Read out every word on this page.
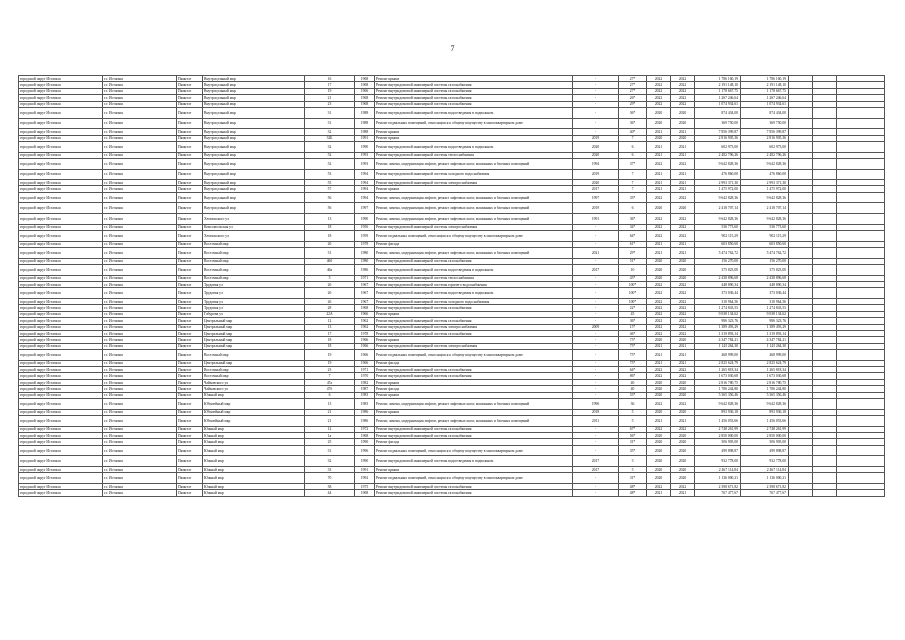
7
городской округ Истапкш	г.г. Истапкш	Пкинтлг	Внутрсцзльный мкр	16	1968	Ремонт крыши	-	27*	2022	2022	1 786 160,19	1 786 160,19			
городской округ Истапкш	г.г. Истапкш	Пкинтлг	Внутрсцзльный мкр	17	1968	Ремонт внутридомовой инженерной системы газоснабжения	-	27*	2022	2022	2 191 148,10	2 191 148,10			
городской округ Истапкш	г.г. Истапкш	Пкинтлг	Внутрсцзльный мкр	19	1966	Ремонт внутридомовой инженерной системы газоснабжения	-	27*	2022	2022	1 178 667,75	1 178 667,75			
городской округ Истапкш	г.г. Истапкш	Пкинтлг	Внутрсцзльный мкр	21	1968	Ремонт внутридомовой инженерной системы газоснабжения	-	26*	2022	2022	1 267 246,64	1 267 246,64			
городской округ Истапкш	г.г. Истапкш	Пкинтлг	Внутрсцзльный мкр	23	1968	Ремонт внутридомовой инженерной системы газоснабжения	-	29*	2022	2022	1 074 934,61	1 074 934,61			
городской округ Истапкш	г.г. Истапкш	Пкинтлг	Внутрсцзльный мкр	31	1988	Ремонт внутридомовой инженерной системы водоотведения в подвальном	-	36*	2020	2020	874 434,00	874 434,00			
городской округ Истапкш	г.г. Истапкш	Пкинтлг	Внутрсцзльный мкр	31	1988	Ремонт подвальных помещений, относящихся к общему имуществу в многоквартирном доме	-	36*	2020	2020	369 750,00	369 750,00			
городской округ Истапкш	г.г. Истапкш	Пкинтлг	Внутрсцзльный мкр	32	1988	Ремонт крыши	-	40*	2021	2021	7 856 399,87	7 856 399,87			
городской округ Истапкш	г.г. Истапкш	Пкинтлг	Внутрсцзльный мкр	32Б	1991	Ремонт крыши	2019	7	2020	2020	2 816 905,36	2 816 905,36			
городской округ Истапкш	г.г. Истапкш	Пкинтлг	Внутрсцзльный мкр	32	1990	Ремонт внутридомовой инженерной системы водоотведения в подвальном	2020	6	2021	2021	602 973,00	602 973,00			
городской округ Истапкш	г.г. Истапкш	Пкинтлг	Внутрсцзльный мкр	52	1993	Ремонт внутридомовой инженерной системы теплоснабжения	2020	6	2021	2021	2 482 796,26	2 482 796,26			
городской округ Истапкш	г.г. Истапкш	Пкинтлг	Внутрсцзльный мкр	52	1993	Ремонт, замена, модернизация лифтов, ремонт лифтовых шахт, машинных и блочных помещений	1994	37*	2022	2022	9 642 828,36	9 642 828,36			
городской округ Истапкш	г.г. Истапкш	Пкинтлг	Внутрсцзльный мкр	53	1994	Ремонт внутридомовой инженерной системы холодного водоснабжения	2019	7	2021	2021	476 860,00	476 860,00			
городской округ Истапкш	г.г. Истапкш	Пкинтлг	Внутрсцзльный мкр	55	1994	Ремонт внутридомовой инженерной системы электроснабжения	2020	7	2021	2021	2 993 371,30	2 993 371,30			
городской округ Истапкш	г.г. Истапкш	Пкинтлг	Внутрсцзльный мкр	57	1994	Ремонт крыши	2017	7	2021	2021	1 475 972,00	1 475 972,00			
городской округ Истапкш	г.г. Истапкш	Пкинтлг	Внутрсцзльный мкр	56	1994	Ремонт, замена, модернизация лифтов, ремонт лифтовых шахт, машинных и блочных помещений	1997	33*	2022	2022	9 642 828,36	9 642 828,36			
городской округ Истапкш	г.г. Истапкш	Пкинтлг	Внутрсцзльный мкр	56	1997	Ремонт, замена, модернизация лифтов, ремонт лифтовых шахт, машинных и блочных помещений	2019	6	2020	2020	2 418 707,14	2 418 707,14			
городской округ Истапкш	г.г. Истапкш	Пкинтлг	Хемчокского ул	13	1990	Ремонт, замена, модернизация лифтов, ремонт лифтовых шахт, машинных и блочных помещений	1991	36*	2022	2022	9 642 828,36	9 642 828,36			
городской округ Истапкш	г.г. Истапкш	Пкинтлг	Комсомольская ул	18	1956	Ремонт внутридомовой инженерной системы электроснабжения	-	34*	2022	2022	536 773,60	536 773,60			
городской округ Истапкш	г.г. Истапкш	Пкинтлг	Хемчокского ул	18	1959	Ремонт подвальных помещений, относящихся к общему имуществу в многоквартирном доме	-	64*	2022	2022	902 115,29	902 115,29			
городской округ Истапкш	г.г. Истапкш	Пкинтлг	Восточный мкр	26	1978	Ремонт фасада	-	61*	2021	2021	603 850,60	603 850,60			
городской округ Истапкш	г.г. Истапкш	Пкинтлг	Восточный мкр	31	1980	Ремонт, замена, модернизация лифтов, ремонт лифтовых шахт, машинных и блочных помещений	2021	29*	2021	2021	5 474 762,72	5 474 762,72			
городской округ Истапкш	г.г. Истапкш	Пкинтлг	Восточный мкр	46б	1980	Ремонт внутридомовой инженерной системы газоснабжения	-	51*	2020	2020	156 270,00	156 270,00			
городской округ Истапкш	г.г. Истапкш	Пкинтлг	Восточный мкр	46а	1986	Ремонт внутридомовой инженерной системы водоотведения в подвальном	2017	10	2020	2020	375 823,00	375 823,00			
городской округ Истапкш	г.г. Истапкш	Пкинтлг	Восточный мкр	5	1971	Ремонт внутридомовой инженерной системы теплоснабжения	-	45*	2020	2020	2 438 896,68	2 438 896,68			
городской округ Истапкш	г.г. Истапкш	Пкинтлг	Трудовая ул	26	1967	Ремонт внутридомовой инженерной системы горячего водоснабжения	-	100*	2022	2022	448 890,34	448 890,34			
городской округ Истапкш	г.г. Истапкш	Пкинтлг	Трудовая ул	26	1967	Ремонт внутридомовой инженерной системы водоотведения в подвальном	-	100*	2022	2022	373 036,44	373 036,44			
городской округ Истапкш	г.г. Истапкш	Пкинтлг	Трудовая ул	26	1967	Ремонт внутридомовой инженерной системы холодного водоснабжения	-	100*	2022	2022	310 964,56	310 964,56			
городской округ Истапкш	г.г. Истапкш	Пкинтлг	Трудовая ул	28	1968	Ремонт внутридомовой инженерной системы газоснабжения	-	22*	2022	2022	1 274 843,53	1 274 843,53			
городской округ Истапкш	г.г. Истапкш	Пкинтлг	Габурова ул	22А	1966	Ремонт крыши	-	45	2022	2022	9 038 134,62	9 038 134,62			
городской округ Истапкш	г.г. Истапкш	Пкинтлг	Центральный мкр	12	1962	Ремонт внутридомовой инженерной системы газоснабжения	-	36*	2022	2022	986 323,76	986 323,76			
городской округ Истапкш	г.г. Истапкш	Пкинтлг	Центральный мкр	13	1962	Ремонт внутридомовой инженерной системы электроснабжения	2009	15*	2022	2022	1 389 493,29	1 389 493,29			
городской округ Истапкш	г.г. Истапкш	Пкинтлг	Центральный мкр	17	1978	Ремонт внутридомовой инженерной системы газоснабжения	-	46*	2022	2022	1 319 893,14	1 319 893,14			
городской округ Истапкш	г.г. Истапкш	Пкинтлг	Центральный мкр	18	1966	Ремонт крыши	-	75*	2020	2020	4 347 784,21	4 347 784,21			
городской округ Истапкш	г.г. Истапкш	Пкинтлг	Центральный мкр	18	1966	Ремонт внутридомовой инженерной системы электроснабжения	-	75*	2021	2021	1 143 264,30	1 143 264,30			
городской округ Истапкш	г.г. Истапкш	Пкинтлг	Восточный мкр	19	1966	Ремонт подвальных помещений, относящихся к общему имуществу в многоквартирном доме	-	75*	2021	2021	468 999,00	468 999,00			
городской округ Истапкш	г.г. Истапкш	Пкинтлг	Центральный мкр	19	1966	Ремонт фасада	-	75*	2021	2021	2 825 624,79	2 825 624,79			
городской округ Истапкш	г.г. Истапкш	Пкинтлг	Восточный мкр	23	1971	Ремонт внутридомовой инженерной системы газоснабжения	-	64*	2022	2022	1 265 818,34	1 265 818,34			
городской округ Истапкш	г.г. Истапкш	Пкинтлг	Восточный мкр	7	1970	Ремонт внутридомовой инженерной системы газоснабжения	-	86*	2022	2022	1 673 030,68	1 673 030,68			
городской округ Истапкш	г.г. Истапкш	Пкинтлг	Чайковского ул	47а	1982	Ремонт крыши	-	40	2020	2020	2 816 780,75	2 816 780,75			
городской округ Истапкш	г.г. Истапкш	Пкинтлг	Чайковского ул	47б	1987	Ремонт фасада	-	40	2020	2020	1 706 244,80	1 706 244,80			
городской округ Истапкш	г.г. Истапкш	Пкинтлг	Южный мкр	6	1983	Ремонт крыши	-	53*	2020	2020	5 365 356,46	5 365 356,46			
городской округ Истапкш	г.г. Истапкш	Пкинтлг	Юбилейный мкр	13	1983	Ремонт, замена, модернизация лифтов, ремонт лифтовых шахт, машинных и блочных помещений	1996	36	2022	2022	9 642 828,36	9 642 828,36			
городской округ Истапкш	г.г. Истапкш	Пкинтлг	Юбилейный мкр	21	1986	Ремонт крыши	2018	5	2020	2020	893 936,18	893 936,18			
городской округ Истапкш	г.г. Истапкш	Пкинтлг	Юбилейный мкр	21	1986	Ремонт, замена, модернизация лифтов, ремонт лифтовых шахт, машинных и блочных помещений	2011	5	2021	2021	1 456 053,66	1 456 053,66			
городской округ Истапкш	г.г. Истапкш	Пкинтлг	Южный мкр	12	1972	Ремонт внутридомовой инженерной системы газоснабжения	-	67*	2022	2022	2 748 261,99	2 748 261,99			
городской округ Истапкш	г.г. Истапкш	Пкинтлг	Южный мкр	1а	1968	Ремонт внутридомовой инженерной системы газоснабжения	-	56*	2020	2020	2 850 000,00	2 850 000,00			
городской округ Истапкш	г.г. Истапкш	Пкинтлг	Южный мкр	25	1990	Ремонт фасада	-	31*	2020	2020	506 905,00	506 905,00			
городской округ Истапкш	г.г. Истапкш	Пкинтлг	Южный мкр	31	1996	Ремонт подвальных помещений, относящихся к общему имуществу в многоквартирном доме	-	35*	2020	2020	499 898,87	499 898,87			
городской округ Истапкш	г.г. Истапкш	Пкинтлг	Южный мкр	32	1990	Ремонт внутридомовой инженерной системы водоотведения в подвальном	2017	3	2020	2020	932 778,00	932 778,00			
городской округ Истапкш	г.г. Истапкш	Пкинтлг	Южный мкр	33	1991	Ремонт крыши	2017	5	2020	2020	2 467 114,84	2 467 114,84			
городской округ Истапкш	г.г. Истапкш	Пкинтлг	Южный мкр	70	1992	Ремонт подвальных помещений, относящихся к общему имуществу в многоквартирном доме	-	31*	2020	2020	1 136 000,21	1 136 000,21			
городской округ Истапкш	г.г. Истапкш	Пкинтлг	Южный мкр	38	1975	Ремонт внутридомовой инженерной системы газоснабжения	-	48*	2022	2022	2 398 671,82	2 398 671,82			
городской округ Истапкш	г.г. Истапкш	Пкинтлг	Южный мкр	44	1968	Ремонт внутридомовой инженерной системы газоснабжения	-	48*	2021	2021	767 477,67	767 477,67			
